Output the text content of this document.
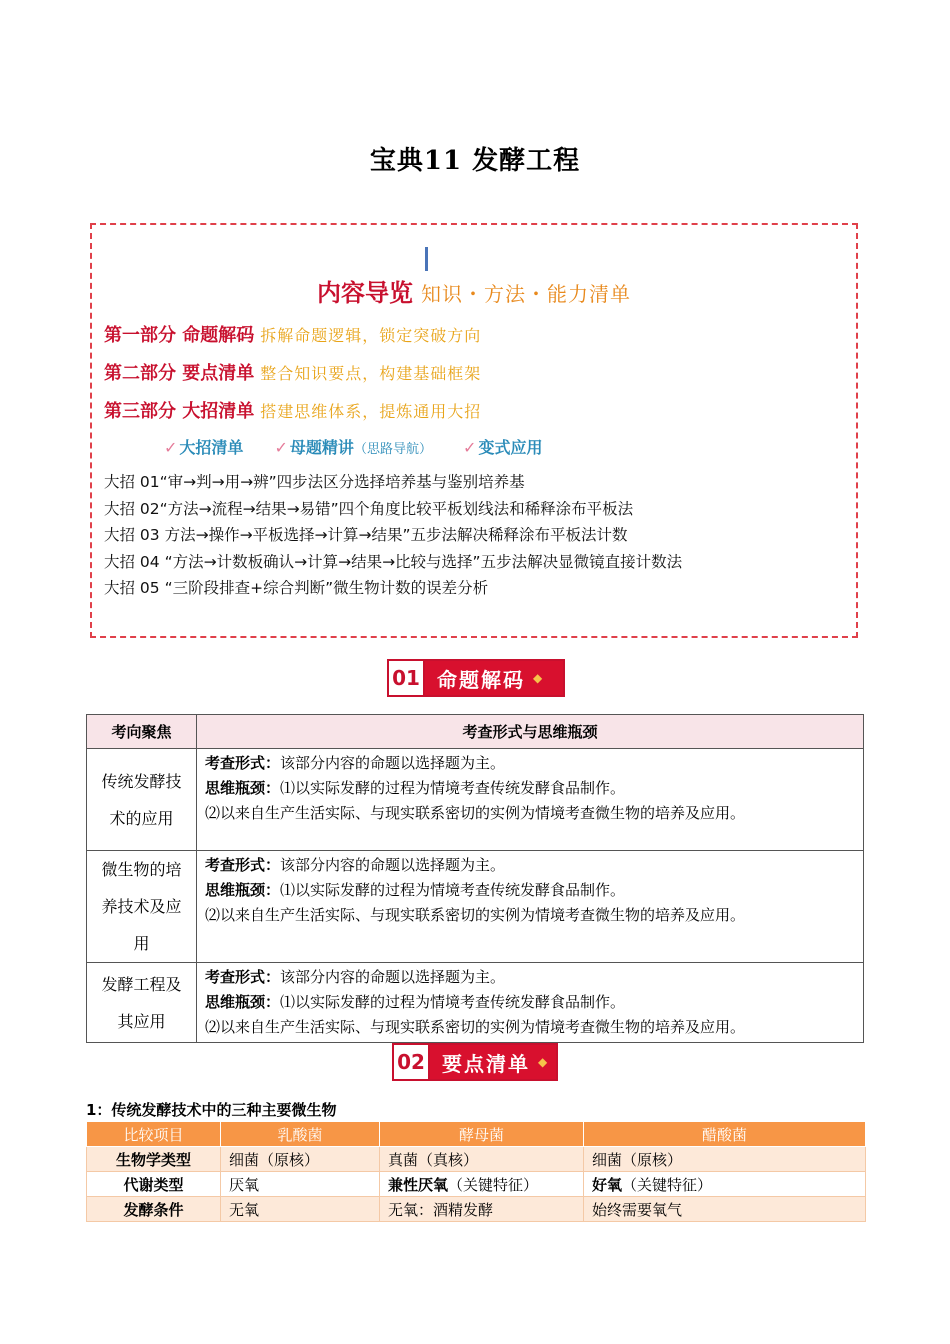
宝典11 发酵工程
内容导览 知识・方法・能力清单
第一部分 命题解码 拆解命题逻辑，锁定突破方向
第二部分 要点清单 整合知识要点，构建基础框架
第三部分 大招清单 搭建思维体系，提炼通用大招
✓ 大招清单 ✓ 母题精讲（思路导航） ✓ 变式应用
大招 01“审→判→用→辨”四步法区分选择培养基与鉴别培养基
大招 02“方法→流程→结果→易错”四个角度比较平板划线法和稀释涂布平板法
大招 03 方法→操作→平板选择→计算→结果”五步法解决稀释涂布平板法计数
大招 04 “方法→计数板确认→计算→结果→比较与选择”五步法解决显微镜直接计数法
大招 05 “三阶段排查+综合判断”微生物计数的误差分析
01 命题解码 ◆
考向聚焦	考查形式与思维瓶颈
传统发酵技术的应用	考查形式：该部分内容的命题以选择题为主。
思维瓶颈：⑴以实际发酵的过程为情境考查传统发酵食品制作。
⑵以来自生产生活实际、与现实联系密切的实例为情境考查微生物的培养及应用。

微生物的培养技术及应用	考查形式：该部分内容的命题以选择题为主。
思维瓶颈：⑴以实际发酵的过程为情境考查传统发酵食品制作。
⑵以来自生产生活实际、与现实联系密切的实例为情境考查微生物的培养及应用。

发酵工程及其应用	考查形式：该部分内容的命题以选择题为主。
思维瓶颈：⑴以实际发酵的过程为情境考查传统发酵食品制作。
⑵以来自生产生活实际、与现实联系密切的实例为情境考查微生物的培养及应用。
02 要点清单 ◆
1：传统发酵技术中的三种主要微生物
比较项目	乳酸菌	酵母菌	醋酸菌
生物学类型	细菌（原核）	真菌（真核）	细菌（原核）
代谢类型	厌氧	兼性厌氧（关键特征）	好氧（关键特征）
发酵条件	无氧	无氧：酒精发酵	始终需要氧气
